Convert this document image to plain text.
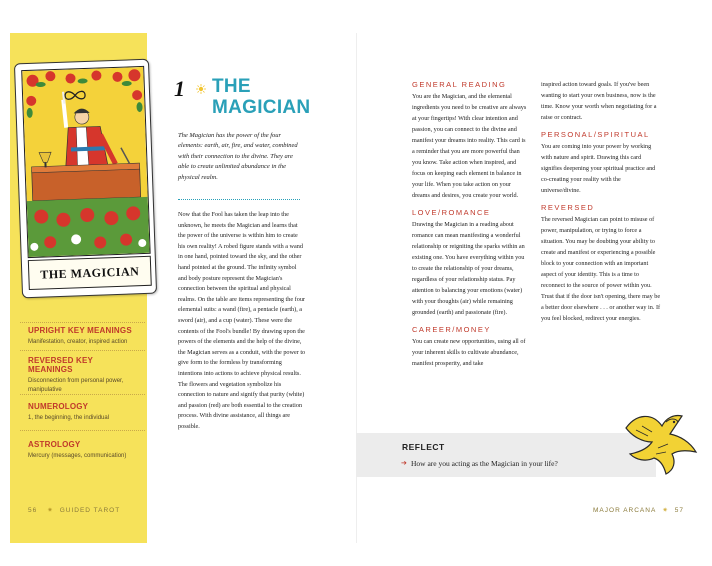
THE MAGICIAN
UPRIGHT KEY MEANINGS
Manifestation, creator, inspired action
REVERSED KEY MEANINGS
Disconnection from personal power, manipulative
NUMEROLOGY
1, the beginning, the individual
ASTROLOGY
Mercury (messages, communication)
56 ✷ GUIDED TAROT
1 THE MAGICIAN
The Magician has the power of the four elements: earth, air, fire, and water, combined with their connection to the divine. They are able to create unlimited abundance in the physical realm.
Now that the Fool has taken the leap into the unknown, he meets the Magician and learns that the power of the universe is within him to create his own reality! A robed figure stands with a wand in one hand, pointed toward the sky, and the other hand pointed at the ground. The infinity symbol and body posture represent the Magician's connection between the spiritual and physical realms. On the table are items representing the four elemental suits: a wand (fire), a pentacle (earth), a sword (air), and a cup (water). These were the contents of the Fool's bundle! By drawing upon the powers of the elements and the help of the divine, the Magician serves as a conduit, with the power to give form to the formless by transforming intentions into actions to achieve physical results. The flowers and vegetation symbolize his connection to nature and signify that purity (white) and passion (red) are both essential to the creation process. With divine assistance, all things are possible.
GENERAL READING
You are the Magician, and the elemental ingredients you need to be creative are always at your fingertips! With clear intention and passion, you can connect to the divine and manifest your dreams into reality. This card is a reminder that you are more powerful than you know. Take action when inspired, and focus on keeping each element in balance in your life. When you take action on your dreams and desires, you create your world.
LOVE/ROMANCE
Drawing the Magician in a reading about romance can mean manifesting a wonderful relationship or reigniting the sparks within an existing one. You have everything within you to create the relationship of your dreams, regardless of your relationship status. Pay attention to balancing your emotions (water) with your thoughts (air) while remaining grounded (earth) and passionate (fire).
CAREER/MONEY
You can create new opportunities, using all of your inherent skills to cultivate abundance, manifest prosperity, and take
inspired action toward goals. If you've been wanting to start your own business, now is the time. Know your worth when negotiating for a raise or contract.
PERSONAL/SPIRITUAL
You are coming into your power by working with nature and spirit. Drawing this card signifies deepening your spiritual practice and co-creating your reality with the universe/divine.
REVERSED
The reversed Magician can point to misuse of power, manipulation, or trying to force a situation. You may be doubting your ability to create and manifest or experiencing a possible block to your connection with an important aspect of your identity. This is a time to reconnect to the source of power within you. Trust that if the door isn't opening, there may be a better door elsewhere . . . or another way in. If you feel blocked, redirect your energies.
REFLECT
➔ How are you acting as the Magician in your life?
MAJOR ARCANA ✷ 57
